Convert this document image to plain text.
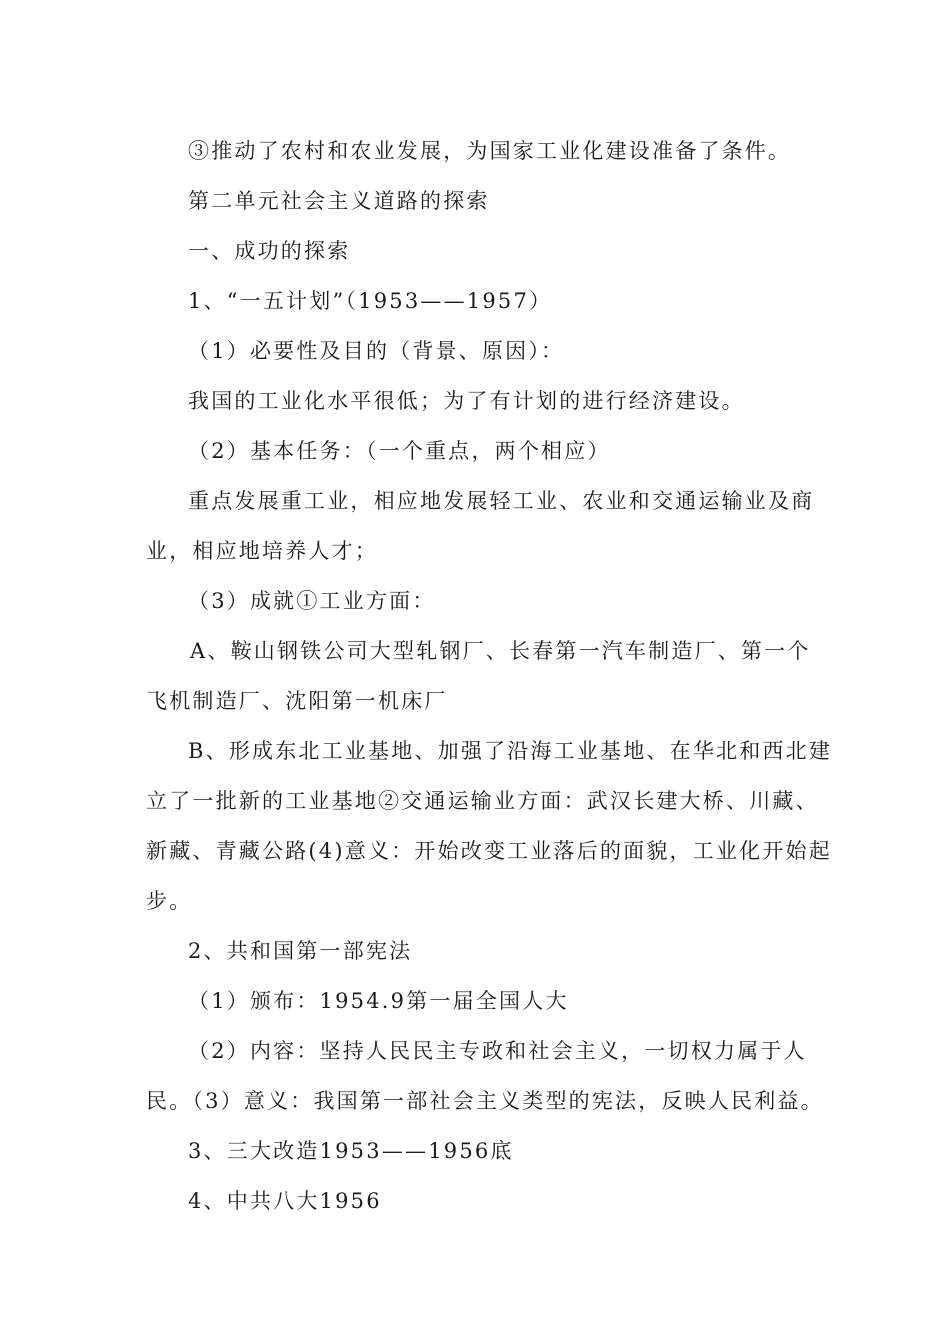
③推动了农村和农业发展，为国家工业化建设准备了条件。
第二单元社会主义道路的探索
一、成功的探索
1、“一五计划”（1953——1957）
（1）必要性及目的（背景、原因）：
我国的工业化水平很低；为了有计划的进行经济建设。
（2）基本任务：（一个重点，两个相应）
重点发展重工业，相应地发展轻工业、农业和交通运输业及商
业，相应地培养人才；
（3）成就①工业方面：
A、鞍山钢铁公司大型轧钢厂、长春第一汽车制造厂、第一个
飞机制造厂、沈阳第一机床厂
B、形成东北工业基地、加强了沿海工业基地、在华北和西北建
立了一批新的工业基地②交通运输业方面：武汉长建大桥、川藏、
新藏、青藏公路(4)意义：开始改变工业落后的面貌，工业化开始起
步。
2、共和国第一部宪法
（1）颁布：1954.9第一届全国人大
（2）内容：坚持人民民主专政和社会主义，一切权力属于人
民。（3）意义：我国第一部社会主义类型的宪法，反映人民利益。
3、三大改造1953——1956底
4、中共八大1956
